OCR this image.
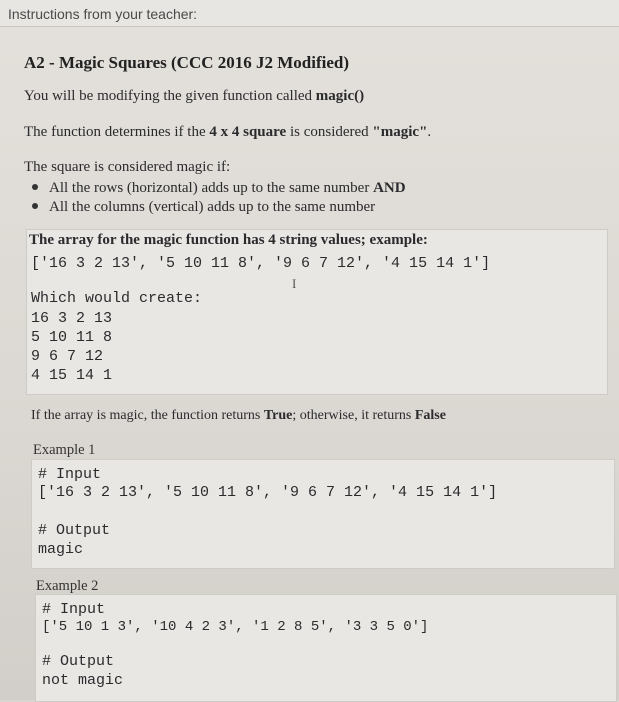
Instructions from your teacher:
A2 - Magic Squares (CCC 2016 J2 Modified)
You will be modifying the given function called magic()
The function determines if the 4 x 4 square is considered "magic".
The square is considered magic if:
All the rows (horizontal) adds up to the same number AND
All the columns (vertical) adds up to the same number
The array for the magic function has 4 string values; example:
['16 3 2 13', '5 10 11 8', '9 6 7 12', '4 15 14 1']
Which would create:
16 3 2 13
5 10 11 8
9 6 7 12
4 15 14 1
I
If the array is magic, the function returns True; otherwise, it returns False
Example 1
# Input
['16 3 2 13', '5 10 11 8', '9 6 7 12', '4 15 14 1']
# Output
magic
Example 2
# Input
['5 10 1 3', '10 4 2 3', '1 2 8 5', '3 3 5 0']
# Output
not magic
